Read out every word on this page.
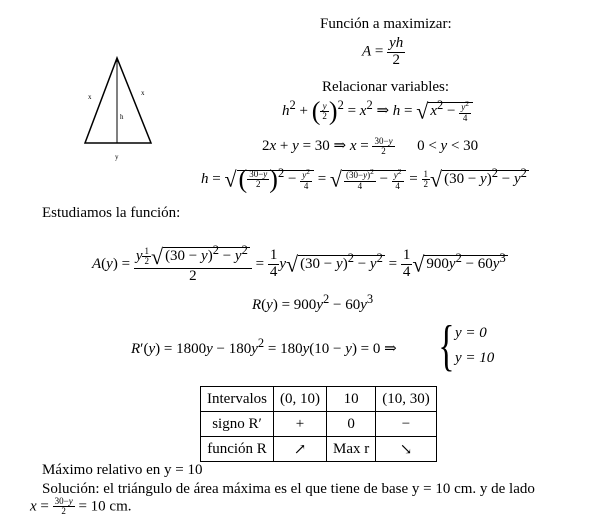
x	x
h
y
Función a maximizar:
$A = \frac{yh}{2}$
Relacionar variables:
$h^2$ + ( $\frac{y}{2} )^2 = x^2$ ⇒ h = √ $x^2 - \frac{y^2}{4}$
2x + y = 30 ⇒ $x = \frac{30-y}{2} 0 < y < 30$
h = √( $\frac{30-y}{2} )^2 - \frac{y^2}{4}$ = √ $\frac{(30-y)^2}{4} - \frac{y^2}{4} = \frac{1}{2}$ √ $(30 - y)^2 - y^2$
Estudiamos la función:
$A(y) = \frac{y \frac{1}{2} √ (30 - y)^2 - y^2}{2} = \frac{1}{4} y√$ $(30 - y)^2 - y^2 = \frac{1}{4}$ √ $900y^2 - 60y^3$
$R(y) = 900y^2 - 60y^3$
$R'(y) = 1800y - 180y^2 = 180y(10 - y) = 0$ ⇒ { y = 0
y = 10
Intervalos	(0, 10)	10	(10, 30)
signo R′	+	0	−
función R	↗	Max r	↘
Máximo relativo en y = 10
Solución: el triángulo de área máxima es el que tiene de base y = 10 cm. y de lado
$x = \frac{30-y}{2} = 10$ cm.
